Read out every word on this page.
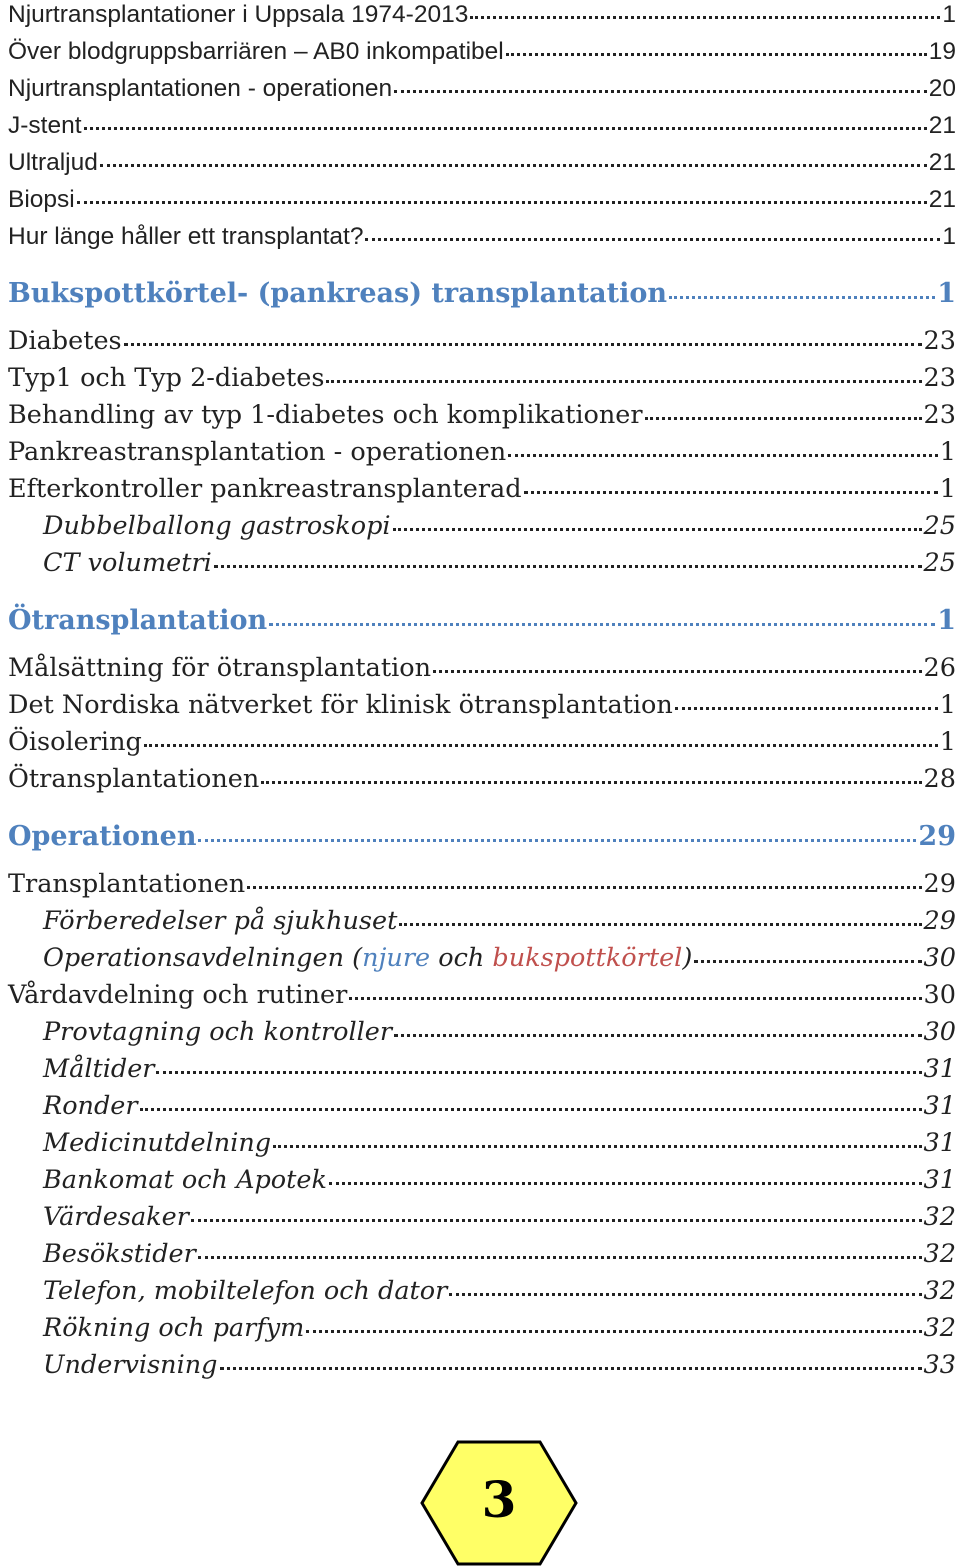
Njurtransplantationer i Uppsala 1974-2013	1
Över blodgruppsbarriären – AB0 inkompatibel	19
Njurtransplantationen - operationen	20
J-stent	21
Ultraljud	21
Biopsi	21
Hur länge håller ett transplantat?	1
Bukspottkörtel- (pankreas) transplantation	1
Diabetes	23
Typ1 och Typ 2-diabetes	23
Behandling av typ 1-diabetes och komplikationer	23
Pankreastransplantation - operationen	1
Efterkontroller pankreastransplanterad	1
Dubbelballong gastroskopi	25
CT volumetri	25
Ötransplantation	1
Målsättning för ötransplantation	26
Det Nordiska nätverket för klinisk ötransplantation	1
Öisolering	1
Ötransplantationen	28
Operationen	29
Transplantationen	29
Förberedelser på sjukhuset	29
Operationsavdelningen (njure och bukspottkörtel)	30
Vårdavdelning och rutiner	30
Provtagning och kontroller	30
Måltider	31
Ronder	31
Medicinutdelning	31
Bankomat och Apotek	31
Värdesaker	32
Besökstider	32
Telefon, mobiltelefon och dator	32
Rökning och parfym	32
Undervisning	33
3
